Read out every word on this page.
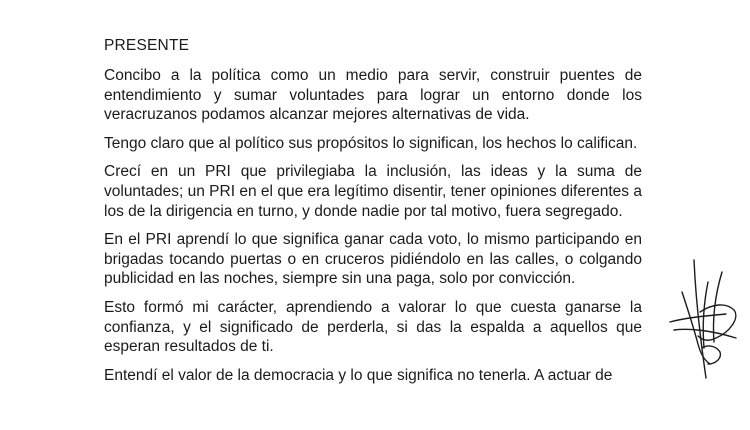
PRESENTE

Concibo a la política como un medio para servir, construir puentes de entendimiento y sumar voluntades para lograr un entorno donde los veracruzanos podamos alcanzar mejores alternativas de vida.

Tengo claro que al político sus propósitos lo significan, los hechos lo califican.

Crecí en un PRI que privilegiaba la inclusión, las ideas y la suma de voluntades; un PRI en el que era legítimo disentir, tener opiniones diferentes a los de la dirigencia en turno, y donde nadie por tal motivo, fuera segregado.

En el PRI aprendí lo que significa ganar cada voto, lo mismo participando en brigadas tocando puertas o en cruceros pidiéndolo en las calles, o colgando publicidad en las noches, siempre sin una paga, solo por convicción.

Esto formó mi carácter, aprendiendo a valorar lo que cuesta ganarse la confianza, y el significado de perderla, si das la espalda a aquellos que esperan resultados de ti.

Entendí el valor de la democracia y lo que significa no tenerla. A actuar de
